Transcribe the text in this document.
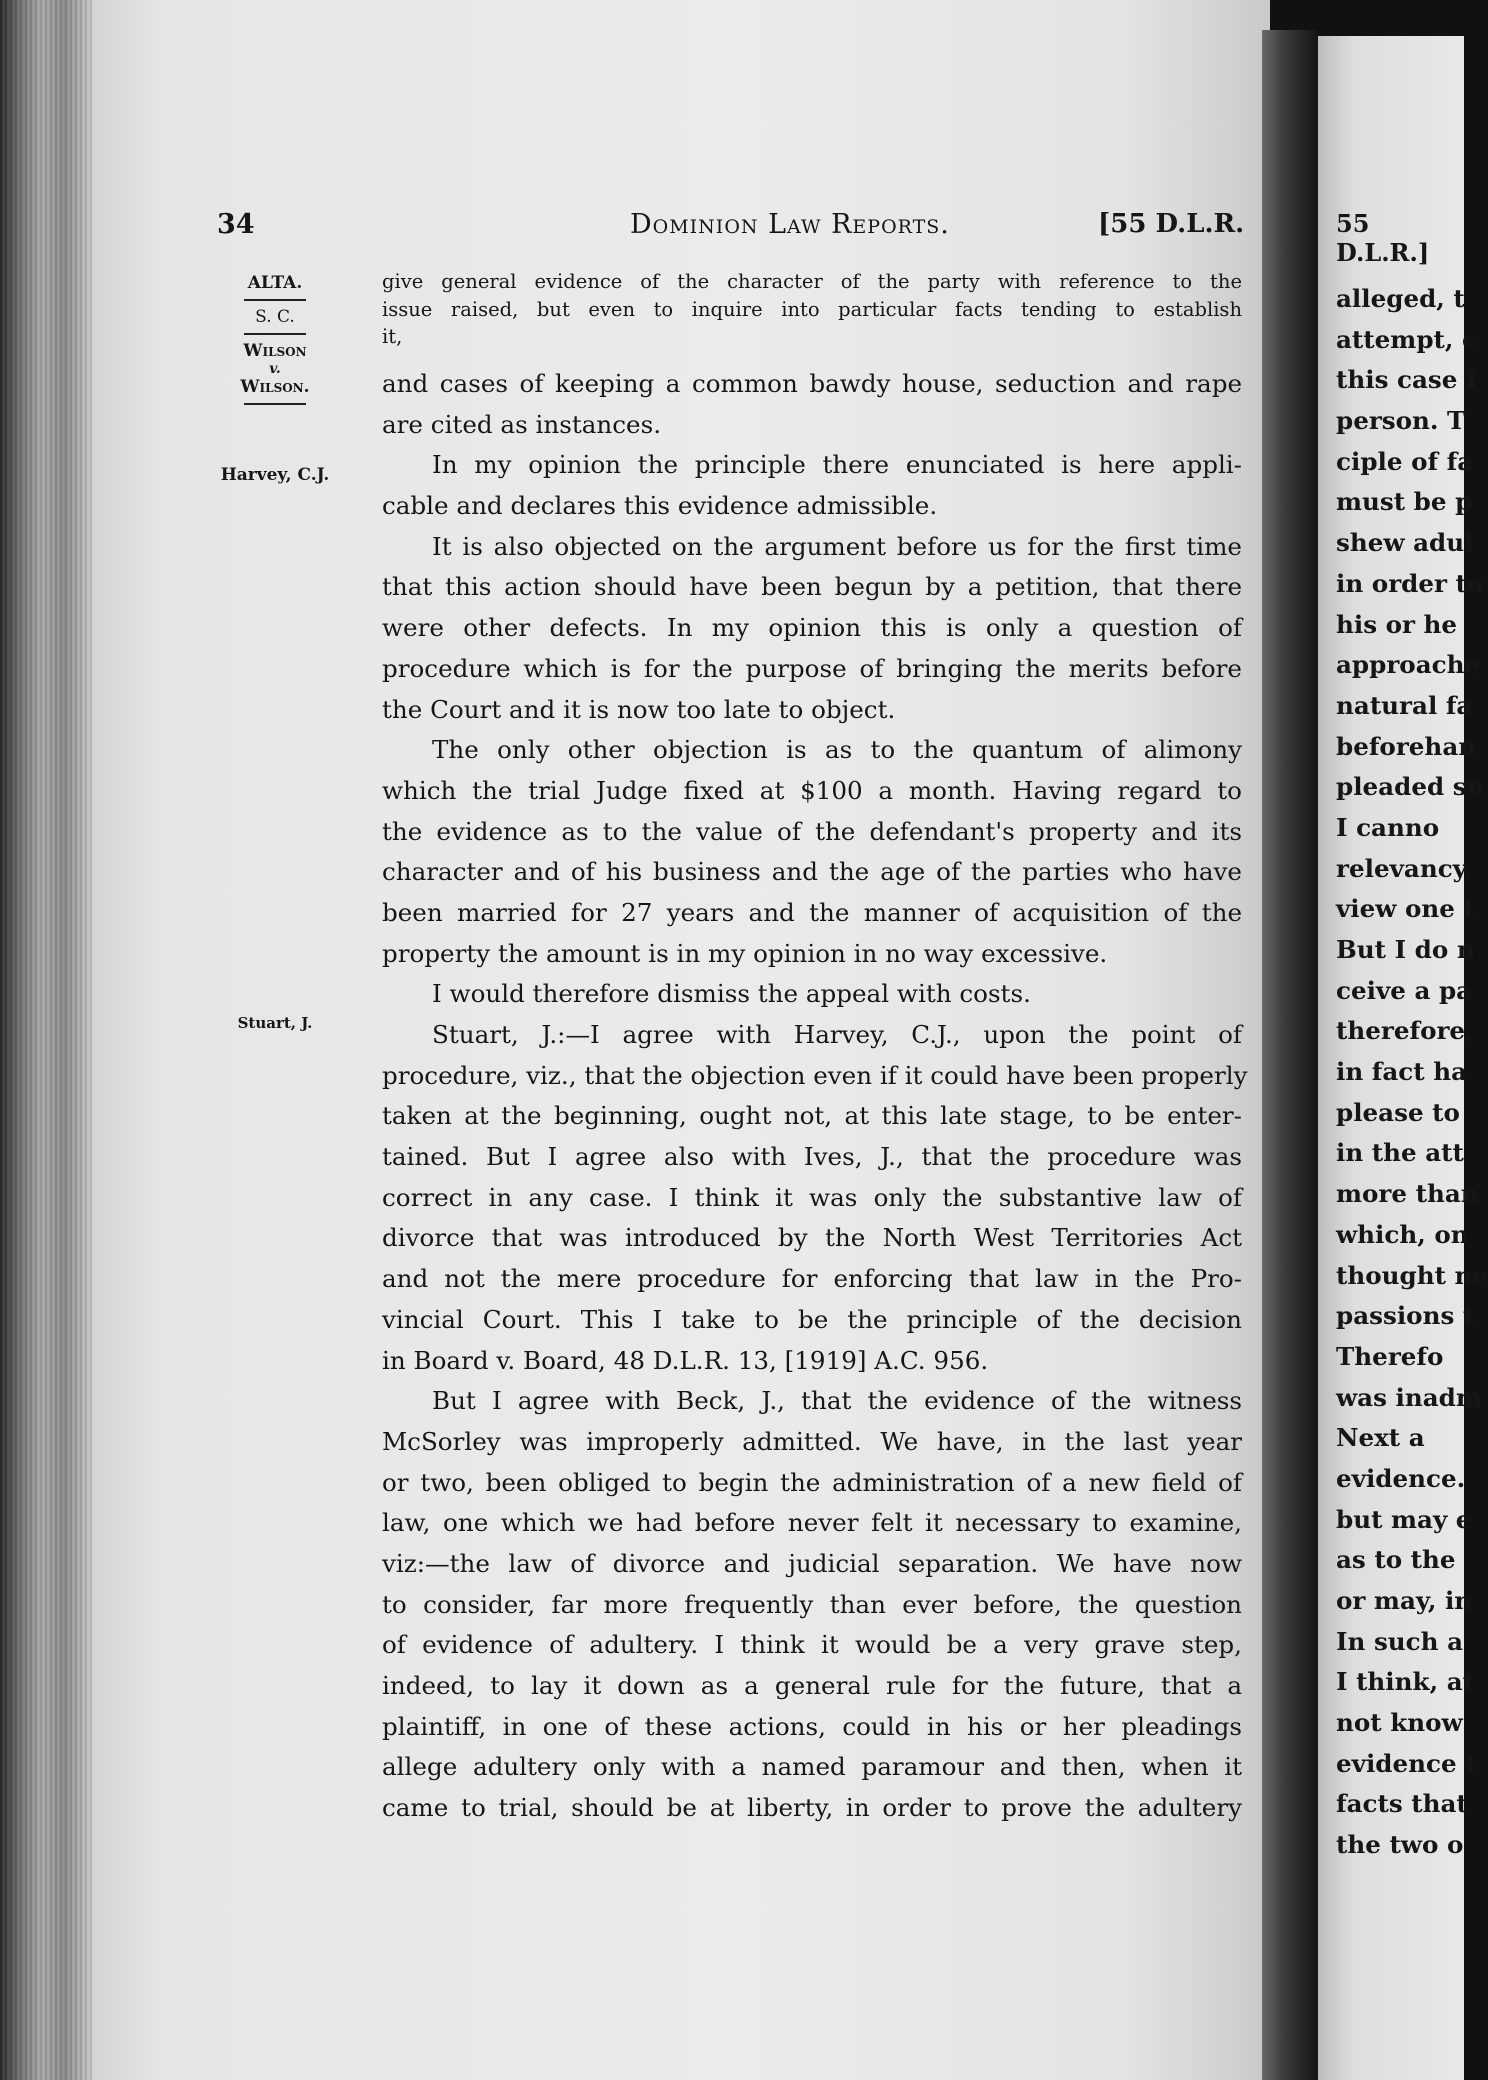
34	Dominion Law Reports.	[55 D.L.R.
ALTA.
S. C.
Wilson
v.
Wilson.
Harvey, C.J.
Stuart, J.
give general evidence of the character of the party with reference to the
issue raised, but even to inquire into particular facts tending to establish
it,
and cases of keeping a common bawdy house, seduction and rape
are cited as instances.
In my opinion the principle there enunciated is here appli-
cable and declares this evidence admissible.
It is also objected on the argument before us for the first time
that this action should have been begun by a petition, that there
were other defects. In my opinion this is only a question of
procedure which is for the purpose of bringing the merits before
the Court and it is now too late to object.
The only other objection is as to the quantum of alimony
which the trial Judge fixed at $100 a month. Having regard to
the evidence as to the value of the defendant's property and its
character and of his business and the age of the parties who have
been married for 27 years and the manner of acquisition of the
property the amount is in my opinion in no way excessive.
I would therefore dismiss the appeal with costs.
Stuart, J.:—I agree with Harvey, C.J., upon the point of
procedure, viz., that the objection even if it could have been properly
taken at the beginning, ought not, at this late stage, to be enter-
tained. But I agree also with Ives, J., that the procedure was
correct in any case. I think it was only the substantive law of
divorce that was introduced by the North West Territories Act
and not the mere procedure for enforcing that law in the Pro-
vincial Court. This I take to be the principle of the decision
in Board v. Board, 48 D.L.R. 13, [1919] A.C. 956.
But I agree with Beck, J., that the evidence of the witness
McSorley was improperly admitted. We have, in the last year
or two, been obliged to begin the administration of a new field of
law, one which we had before never felt it necessary to examine,
viz:—the law of divorce and judicial separation. We have now
to consider, far more frequently than ever before, the question
of evidence of adultery. I think it would be a very grave step,
indeed, to lay it down as a general rule for the future, that a
plaintiff, in one of these actions, could in his or her pleadings
allege adultery only with a named paramour and then, when it
came to trial, should be at liberty, in order to prove the adultery
55 D.L.R.]
alleged, t
attempt, c
this case I
person. T
ciple of fa
must be p
shew adul
in order to
his or he
approache
natural fa
beforehan
pleaded su
I canno
relevancy.
view one t
But I do n
ceive a pa
therefore,
in fact ha
please to
in the att
more than
which, on
thought ne
passions t
Therefo
was inadm
Next a
evidence.
but may e
as to the
or may, in
In such a
I think, at
not know
evidence t
facts that
the two o
